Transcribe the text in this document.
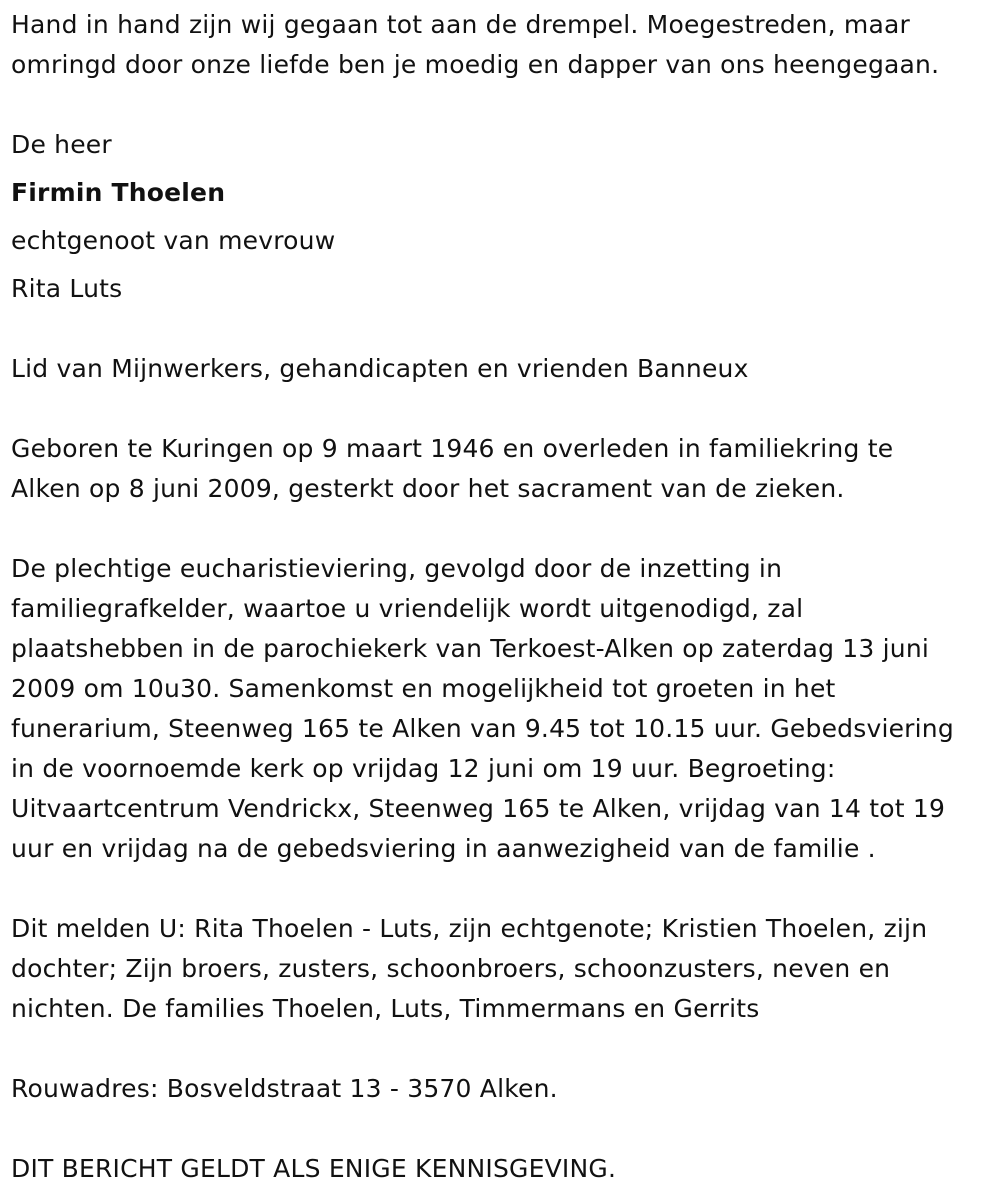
Hand in hand zijn wij gegaan tot aan de drempel. Moegestreden, maar
omringd door onze liefde ben je moedig en dapper van ons heengegaan.
De heer
Firmin Thoelen
echtgenoot van mevrouw
Rita Luts
Lid van Mijnwerkers, gehandicapten en vrienden Banneux
Geboren te Kuringen op 9 maart 1946 en overleden in familiekring te
Alken op 8 juni 2009, gesterkt door het sacrament van de zieken.
De plechtige eucharistieviering, gevolgd door de inzetting in
familiegrafkelder, waartoe u vriendelijk wordt uitgenodigd, zal
plaatshebben in de parochiekerk van Terkoest-Alken op zaterdag 13 juni
2009 om 10u30. Samenkomst en mogelijkheid tot groeten in het
funerarium, Steenweg 165 te Alken van 9.45 tot 10.15 uur. Gebedsviering
in de voornoemde kerk op vrijdag 12 juni om 19 uur. Begroeting:
Uitvaartcentrum Vendrickx, Steenweg 165 te Alken, vrijdag van 14 tot 19
uur en vrijdag na de gebedsviering in aanwezigheid van de familie .
Dit melden U: Rita Thoelen - Luts, zijn echtgenote; Kristien Thoelen, zijn
dochter; Zijn broers, zusters, schoonbroers, schoonzusters, neven en
nichten. De families Thoelen, Luts, Timmermans en Gerrits
Rouwadres: Bosveldstraat 13 - 3570 Alken.
DIT BERICHT GELDT ALS ENIGE KENNISGEVING.
